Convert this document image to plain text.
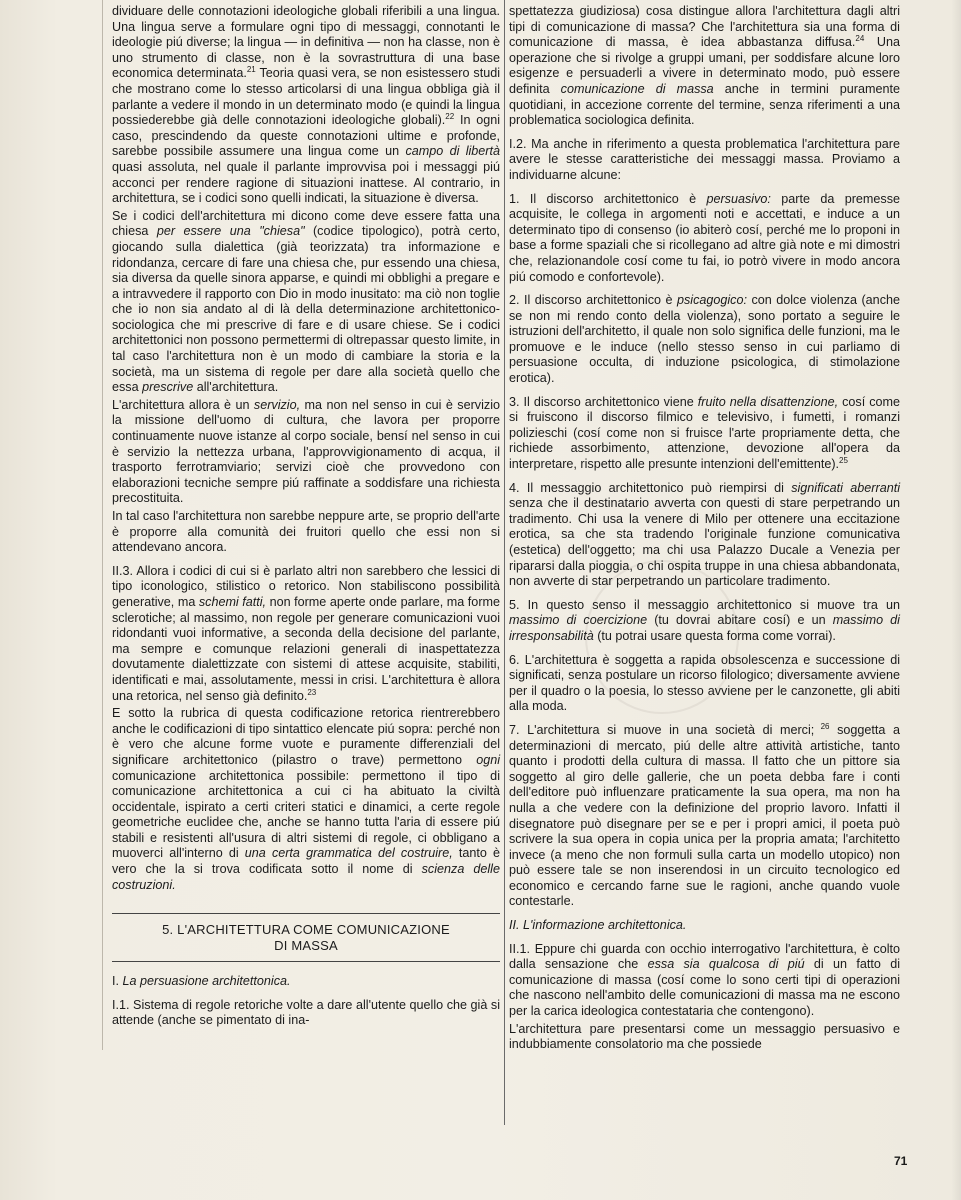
dividuare delle connotazioni ideologiche globali riferibili a una lingua. Una lingua serve a formulare ogni tipo di messaggi, connotanti le ideologie piú diverse; la lingua — in definitiva — non ha classe, non è uno strumento di classe, non è la sovrastruttura di una base economica determinata.$^{21}$ Teoria quasi vera, se non esistessero studi che mostrano come lo stesso articolarsi di una lingua obbliga già il parlante a vedere il mondo in un determinato modo (e quindi la lingua possiederebbe già delle connotazioni ideologiche globali).$^{22}$ In ogni caso, prescindendo da queste connotazioni ultime e profonde, sarebbe possibile assumere una lingua come un campo di libertà quasi assoluta, nel quale il parlante improvvisa poi i messaggi piú acconci per rendere ragione di situazioni inattese. Al contrario, in architettura, se i codici sono quelli indicati, la situazione è diversa.

Se i codici dell'architettura mi dicono come deve essere fatta una chiesa per essere una "chiesa" (codice tipologico), potrà certo, giocando sulla dialettica (già teorizzata) tra informazione e ridondanza, cercare di fare una chiesa che, pur essendo una chiesa, sia diversa da quelle sinora apparse, e quindi mi obblighi a pregare e a intravvedere il rapporto con Dio in modo inusitato: ma ciò non toglie che io non sia andato al di là della determinazione architettonico-sociologica che mi prescrive di fare e di usare chiese. Se i codici architettonici non possono permettermi di oltrepassar questo limite, in tal caso l'architettura non è un modo di cambiare la storia e la società, ma un sistema di regole per dare alla società quello che essa prescrive all'architettura.

L'architettura allora è un servizio, ma non nel senso in cui è servizio la missione dell'uomo di cultura, che lavora per proporre continuamente nuove istanze al corpo sociale, bensí nel senso in cui è servizio la nettezza urbana, l'approvvigionamento di acqua, il trasporto ferrotramviario; servizi cioè che provvedono con elaborazioni tecniche sempre piú raffinate a soddisfare una richiesta precostituita.

In tal caso l'architettura non sarebbe neppure arte, se proprio dell'arte è proporre alla comunità dei fruitori quello che essi non si attendevano ancora.

II.3. Allora i codici di cui si è parlato altri non sarebbero che lessici di tipo iconologico, stilistico o retorico. Non stabiliscono possibilità generative, ma schemi fatti, non forme aperte onde parlare, ma forme sclerotiche; al massimo, non regole per generare comunicazioni vuoi ridondanti vuoi informative, a seconda della decisione del parlante, ma sempre e comunque relazioni generali di inaspettatezza dovutamente dialettizzate con sistemi di attese acquisite, stabiliti, identificati e mai, assolutamente, messi in crisi. L'architettura è allora una retorica, nel senso già definito.$^{23}$

E sotto la rubrica di questa codificazione retorica rientrerebbero anche le codificazioni di tipo sintattico elencate piú sopra: perché non è vero che alcune forme vuote e puramente differenziali del significare architettonico (pilastro o trave) permettono ogni comunicazione architettonica possibile: permettono il tipo di comunicazione architettonica a cui ci ha abituato la civiltà occidentale, ispirato a certi criteri statici e dinamici, a certe regole geometriche euclidee che, anche se hanno tutta l'aria di essere piú stabili e resistenti all'usura di altri sistemi di regole, ci obbligano a muoverci all'interno di una certa grammatica del costruire, tanto è vero che la si trova codificata sotto il nome di scienza delle costruzioni.

5. L'ARCHITETTURA COME COMUNICAZIONE
DI MASSA

I. La persuasione architettonica.

I.1. Sistema di regole retoriche volte a dare all'utente quello che già si attende (anche se pimentato di ina-

spettatezza giudiziosa) cosa distingue allora l'architettura dagli altri tipi di comunicazione di massa? Che l'architettura sia una forma di comunicazione di massa, è idea abbastanza diffusa.$^{24}$ Una operazione che si rivolge a gruppi umani, per soddisfare alcune loro esigenze e persuaderli a vivere in determinato modo, può essere definita comunicazione di massa anche in termini puramente quotidiani, in accezione corrente del termine, senza riferimenti a una problematica sociologica definita.

I.2. Ma anche in riferimento a questa problematica l'architettura pare avere le stesse caratteristiche dei messaggi massa. Proviamo a individuarne alcune:

1. Il discorso architettonico è persuasivo: parte da premesse acquisite, le collega in argomenti noti e accettati, e induce a un determinato tipo di consenso (io abiterò cosí, perché me lo proponi in base a forme spaziali che si ricollegano ad altre già note e mi dimostri che, relazionandole cosí come tu fai, io potrò vivere in modo ancora piú comodo e confortevole).

2. Il discorso architettonico è psicagogico: con dolce violenza (anche se non mi rendo conto della violenza), sono portato a seguire le istruzioni dell'architetto, il quale non solo significa delle funzioni, ma le promuove e le induce (nello stesso senso in cui parliamo di persuasione occulta, di induzione psicologica, di stimolazione erotica).

3. Il discorso architettonico viene fruito nella disattenzione, cosí come si fruiscono il discorso filmico e televisivo, i fumetti, i romanzi polizieschi (cosí come non si fruisce l'arte propriamente detta, che richiede assorbimento, attenzione, devozione all'opera da interpretare, rispetto alle presunte intenzioni dell'emittente).$^{25}$

4. Il messaggio architettonico può riempirsi di significati aberranti senza che il destinatario avverta con questi di stare perpetrando un tradimento. Chi usa la venere di Milo per ottenere una eccitazione erotica, sa che sta tradendo l'originale funzione comunicativa (estetica) dell'oggetto; ma chi usa Palazzo Ducale a Venezia per ripararsi dalla pioggia, o chi ospita truppe in una chiesa abbandonata, non avverte di star perpetrando un particolare tradimento.

5. In questo senso il messaggio architettonico si muove tra un massimo di coercizione (tu dovrai abitare cosí) e un massimo di irresponsabilità (tu potrai usare questa forma come vorrai).

6. L'architettura è soggetta a rapida obsolescenza e successione di significati, senza postulare un ricorso filologico; diversamente avviene per il quadro o la poesia, lo stesso avviene per le canzonette, gli abiti alla moda.

7. L'architettura si muove in una società di merci; $^{26}$ soggetta a determinazioni di mercato, piú delle altre attività artistiche, tanto quanto i prodotti della cultura di massa. Il fatto che un pittore sia soggetto al giro delle gallerie, che un poeta debba fare i conti dell'editore può influenzare praticamente la sua opera, ma non ha nulla a che vedere con la definizione del proprio lavoro. Infatti il disegnatore può disegnare per se e per i propri amici, il poeta può scrivere la sua opera in copia unica per la propria amata; l'architetto invece (a meno che non formuli sulla carta un modello utopico) non può essere tale se non inserendosi in un circuito tecnologico ed economico e cercando farne sue le ragioni, anche quando vuole contestarle.

II. L'informazione architettonica.

II.1. Eppure chi guarda con occhio interrogativo l'architettura, è colto dalla sensazione che essa sia qualcosa di piú di un fatto di comunicazione di massa (cosí come lo sono certi tipi di operazioni che nascono nell'ambito delle comunicazioni di massa ma ne escono per la carica ideologica contestataria che contengono).

L'architettura pare presentarsi come un messaggio persuasivo e indubbiamente consolatorio ma che possiede

71
